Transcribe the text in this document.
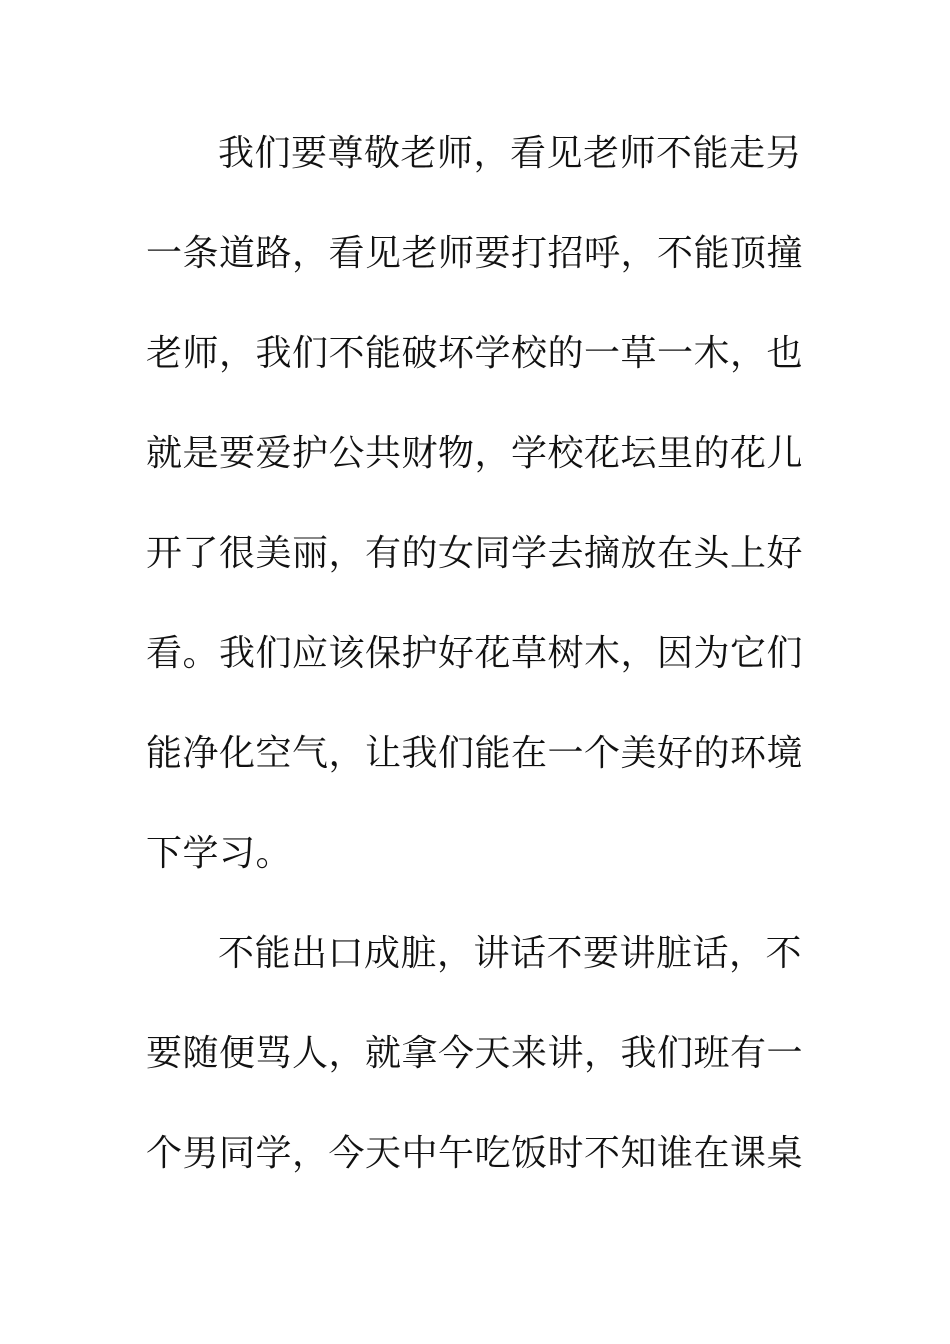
我们要尊敬老师，看见老师不能走另
一条道路，看见老师要打招呼，不能顶撞
老师，我们不能破坏学校的一草一木，也
就是要爱护公共财物，学校花坛里的花儿
开了很美丽，有的女同学去摘放在头上好
看。我们应该保护好花草树木，因为它们
能净化空气，让我们能在一个美好的环境
下学习。
不能出口成脏，讲话不要讲脏话，不
要随便骂人，就拿今天来讲，我们班有一
个男同学，今天中午吃饭时不知谁在课桌
